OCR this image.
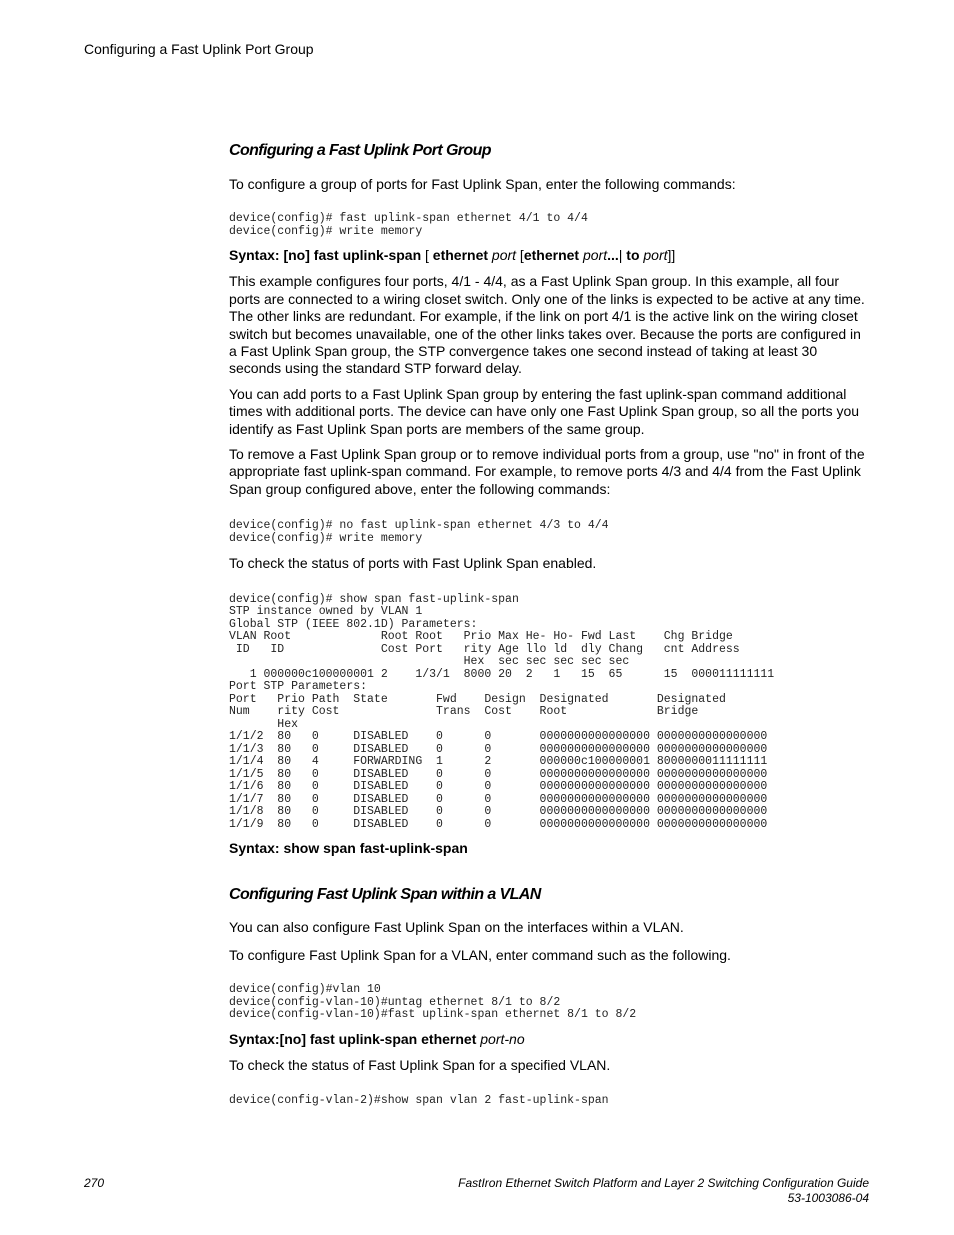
Configuring a Fast Uplink Port Group
Configuring a Fast Uplink Port Group

To configure a group of ports for Fast Uplink Span, enter the following commands:

device(config)# fast uplink-span ethernet 4/1 to 4/4
device(config)# write memory

Syntax: [no] fast uplink-span [ ethernet port [ethernet port...| to port]]

This example configures four ports, 4/1 - 4/4, as a Fast Uplink Span group. In this example, all four ports are connected to a wiring closet switch. Only one of the links is expected to be active at any time. The other links are redundant. For example, if the link on port 4/1 is the active link on the wiring closet switch but becomes unavailable, one of the other links takes over. Because the ports are configured in a Fast Uplink Span group, the STP convergence takes one second instead of taking at least 30 seconds using the standard STP forward delay.

You can add ports to a Fast Uplink Span group by entering the fast uplink-span command additional times with additional ports. The device can have only one Fast Uplink Span group, so all the ports you identify as Fast Uplink Span ports are members of the same group.

To remove a Fast Uplink Span group or to remove individual ports from a group, use "no" in front of the appropriate fast uplink-span command. For example, to remove ports 4/3 and 4/4 from the Fast Uplink Span group configured above, enter the following commands:

device(config)# no fast uplink-span ethernet 4/3 to 4/4
device(config)# write memory

To check the status of ports with Fast Uplink Span enabled.

device(config)# show span fast-uplink-span
STP instance owned by VLAN 1
Global STP (IEEE 802.1D) Parameters:
VLAN Root             Root Root   Prio Max He- Ho- Fwd Last    Chg Bridge
ID   ID              Cost Port   rity Age llo ld  dly Chang   cnt Address
Hex  sec sec sec sec sec
1 000000c100000001 2    1/3/1  8000 20  2   1   15  65      15  000011111111
Port STP Parameters:
Port   Prio Path  State       Fwd    Design  Designated       Designated
Num    rity Cost              Trans  Cost    Root             Bridge
Hex
1/1/2  80   0     DISABLED    0      0       0000000000000000 0000000000000000
1/1/3  80   0     DISABLED    0      0       0000000000000000 0000000000000000
1/1/4  80   4     FORWARDING  1      2       000000c100000001 8000000011111111
1/1/5  80   0     DISABLED    0      0       0000000000000000 0000000000000000
1/1/6  80   0     DISABLED    0      0       0000000000000000 0000000000000000
1/1/7  80   0     DISABLED    0      0       0000000000000000 0000000000000000
1/1/8  80   0     DISABLED    0      0       0000000000000000 0000000000000000
1/1/9  80   0     DISABLED    0      0       0000000000000000 0000000000000000

Syntax: show span fast-uplink-span

Configuring Fast Uplink Span within a VLAN

You can also configure Fast Uplink Span on the interfaces within a VLAN.

To configure Fast Uplink Span for a VLAN, enter command such as the following.

device(config)#vlan 10
device(config-vlan-10)#untag ethernet 8/1 to 8/2
device(config-vlan-10)#fast uplink-span ethernet 8/1 to 8/2

Syntax:[no] fast uplink-span ethernet port-no

To check the status of Fast Uplink Span for a specified VLAN.

device(config-vlan-2)#show span vlan 2 fast-uplink-span
270	FastIron Ethernet Switch Platform and Layer 2 Switching Configuration Guide
53-1003086-04
